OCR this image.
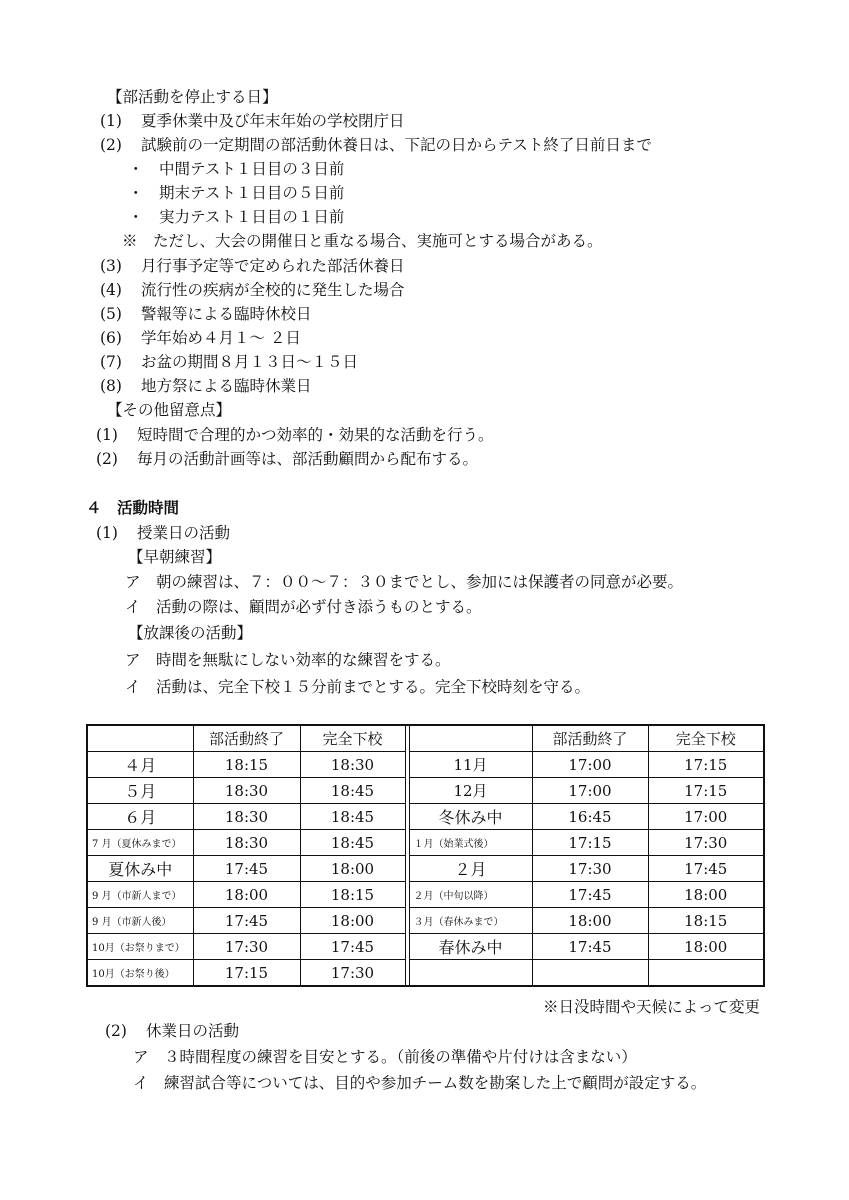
【部活動を停止する日】
(1) 夏季休業中及び年末年始の学校閉庁日
(2) 試験前の一定期間の部活動休養日は、下記の日からテスト終了日前日まで
・　中間テスト１日目の３日前
・　期末テスト１日目の５日前
・　実力テスト１日目の１日前
※　ただし、大会の開催日と重なる場合、実施可とする場合がある。
(3) 月行事予定等で定められた部活休養日
(4) 流行性の疾病が全校的に発生した場合
(5) 警報等による臨時休校日
(6) 学年始め４月１～ ２日
(7) お盆の期間８月１３日～１５日
(8) 地方祭による臨時休業日
【その他留意点】
(1) 短時間で合理的かつ効率的・効果的な活動を行う。
(2) 毎月の活動計画等は、部活動顧問から配布する。
４　活動時間
(1) 授業日の活動
【早朝練習】
ア　朝の練習は、７：００～７：３０までとし、参加には保護者の同意が必要。
イ　活動の際は、顧問が必ず付き添うものとする。
【放課後の活動】
ア　時間を無駄にしない効率的な練習をする。
イ　活動は、完全下校１５分前までとする。完全下校時刻を守る。
	部活動終了	完全下校			部活動終了	完全下校
４月	18:15	18:30		11月	17:00	17:15
５月	18:30	18:45		12月	17:00	17:15
６月	18:30	18:45		冬休み中	16:45	17:00
7 月（夏休みまで）	18:30	18:45		１月（始業式後）	17:15	17:30
夏休み中	17:45	18:00		２月	17:30	17:45
9 月（市新人まで）	18:00	18:15		２月（中旬以降）	17:45	18:00
9 月（市新人後）	17:45	18:00		３月（春休みまで）	18:00	18:15
10月（お祭りまで）	17:30	17:45		春休み中	17:45	18:00
10月（お祭り後）	17:15	17:30				
※日没時間や天候によって変更
(2) 休業日の活動
ア　３時間程度の練習を目安とする。（前後の準備や片付けは含まない）
イ　練習試合等については、目的や参加チーム数を勘案した上で顧問が設定する。
